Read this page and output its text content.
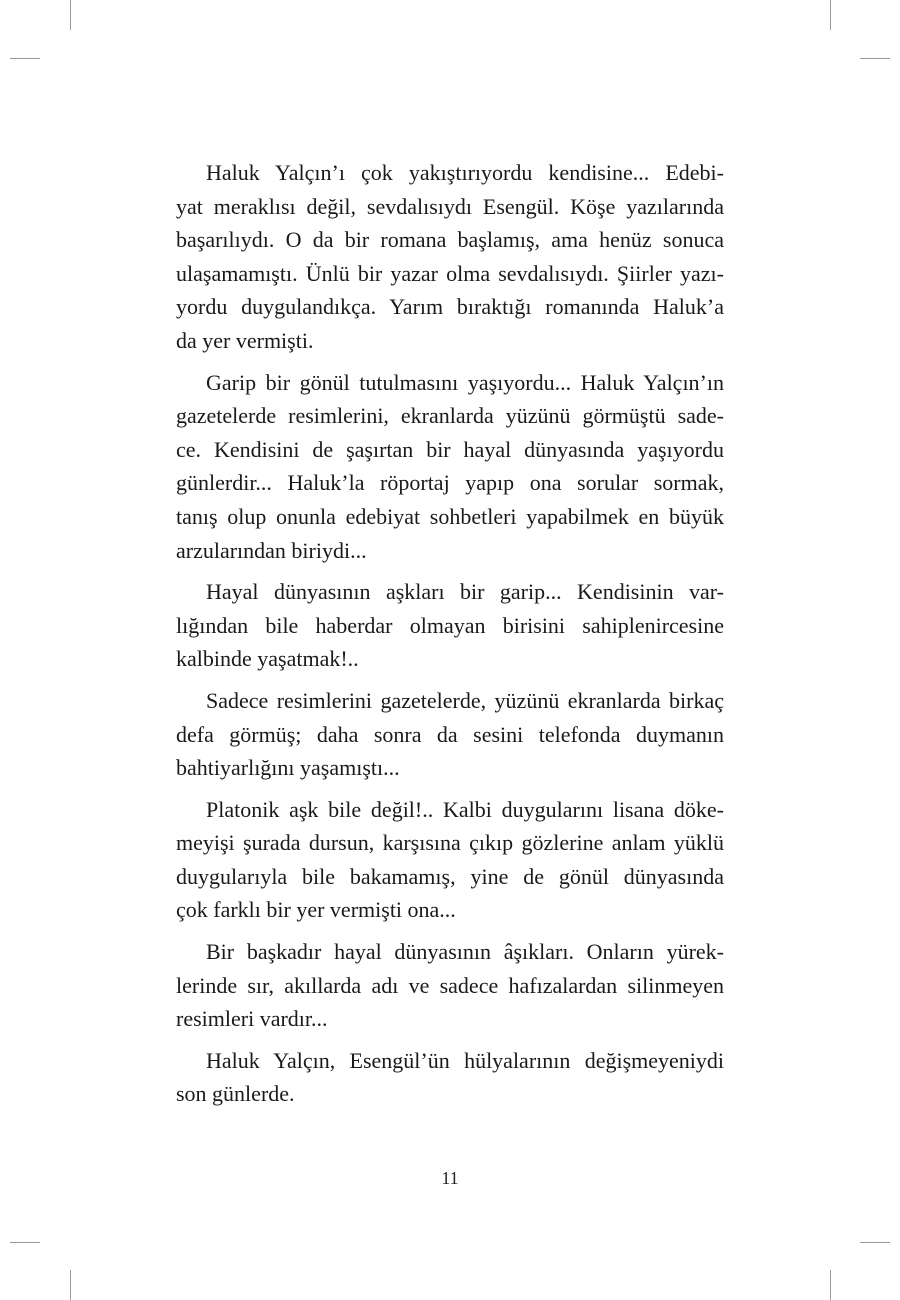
Haluk Yalçın’ı çok yakıştırıyordu kendisine... Edebi-
yat meraklısı değil, sevdalısıydı Esengül. Köşe yazılarında
başarılıydı. O da bir romana başlamış, ama henüz sonuca
ulaşamamıştı. Ünlü bir yazar olma sevdalısıydı. Şiirler yazı-
yordu duygulandıkça. Yarım bıraktığı romanında Haluk’a
da yer vermişti.

Garip bir gönül tutulmasını yaşıyordu... Haluk Yalçın’ın
gazetelerde resimlerini, ekranlarda yüzünü görmüştü sade-
ce. Kendisini de şaşırtan bir hayal dünyasında yaşıyordu
günlerdir... Haluk’la röportaj yapıp ona sorular sormak,
tanış olup onunla edebiyat sohbetleri yapabilmek en büyük
arzularından biriydi...

Hayal dünyasının aşkları bir garip... Kendisinin var-
lığından bile haberdar olmayan birisini sahiplenircesine
kalbinde yaşatmak!..

Sadece resimlerini gazetelerde, yüzünü ekranlarda birkaç
defa görmüş; daha sonra da sesini telefonda duymanın
bahtiyarlığını yaşamıştı...

Platonik aşk bile değil!.. Kalbi duygularını lisana döke-
meyişi şurada dursun, karşısına çıkıp gözlerine anlam yüklü
duygularıyla bile bakamamış, yine de gönül dünyasında
çok farklı bir yer vermişti ona...

Bir başkadır hayal dünyasının âşıkları. Onların yürek-
lerinde sır, akıllarda adı ve sadece hafızalardan silinmeyen
resimleri vardır...

Haluk Yalçın, Esengül’ün hülyalarının değişmeyeniydi
son günlerde.

11
